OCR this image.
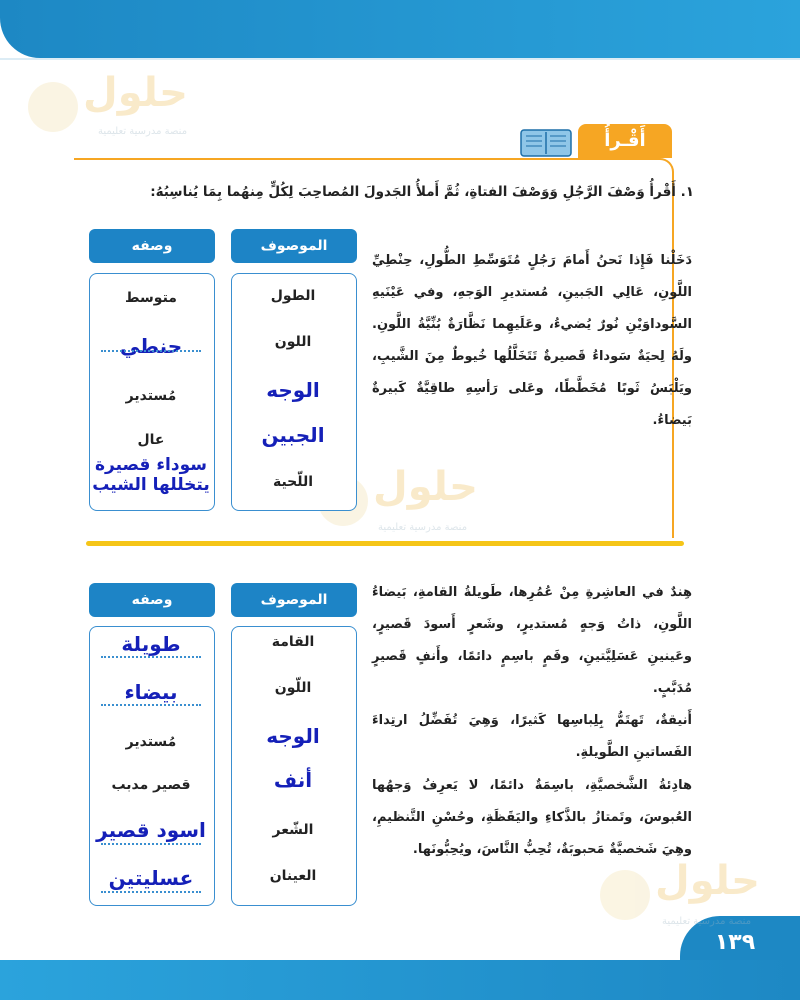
١٣٩
حلول
منصة مدرسية تعليمية
حلول
منصة مدرسية تعليمية
حلول
منصة مدرسية تعليمية
أَقْـرأُ
١. أَقْرأُ وَصْفَ الرَّجُلِ وَوَصْفَ الفتاةِ، ثُمَّ أَملأُ الجَدولَ المُصاحِبَ لِكُلٍّ مِنهُما بِمَا يُناسِبُهُ:
الموصوف
وصفه
الطول
اللون
الوجه
الجبين
اللّحية
متوسط
حنطي
مُستدير
عال
سوداء قصيرة يتخللها الشيب
دَخَلْنا فَإِذا نَحنُ أَمامَ رَجُلٍ مُتَوَسِّطِ الطُّولِ، حِنْطِيِّ اللَّونِ، عَالِي الجَبينِ، مُستديرِ الوَجهِ، وفي عَيْنَيهِ السَّوداوَيْنِ نُورٌ يُضيءُ، وعَلَيهِما نَظَّارَةٌ بُنِّيَّةُ اللَّونِ. ولَهُ لِحيَةٌ سَوداءُ قَصيرةٌ تَتَخَلَّلُها خُيوطٌ مِنَ الشَّيبِ، ويَلْبَسُ ثَوبًا مُخَطَّطًا، وعَلى رَأسِهِ طاقِيَّةٌ كَبيرةٌ بَيضاءُ.
الموصوف
وصفه
القامة
اللّون
الوجه
أنف
الشّعر
العينان
طويلة
بيضاء
مُستدير
قصير مدبب
اسود قصير
عسليتين
هِندٌ في العاشِرةِ مِنْ عُمُرِها، طَويلةُ القامةِ، بَيضاءُ اللَّونِ، ذاتُ وَجهٍ مُستديرٍ، وشَعرٍ أَسودَ قَصيرٍ، وعَينينِ عَسَلِيَّتينِ، وفَمٍ باسِمٍ دائمًا، وأَنفٍ قَصيرٍ مُدَبَّبٍ.
أَنيقةٌ، تَهتَمُّ بِلِباسِها كَثيرًا، وَهِيَ تُفَضِّلُ ارتِداءَ الفَساتينِ الطَّويلةِ.
هادِئةُ الشَّخصيَّةِ، باسِمَةٌ دائمًا، لا يَعرِفُ وَجهُها العُبوسَ، وتَمتازُ بالذَّكاءِ واليَقَظَةِ، وحُسْنِ التَّنظيمِ، وهِيَ شَخصيَّةٌ مَحبوبَةٌ، تُحِبُّ النَّاسَ، ويُحِبُّونَها.
